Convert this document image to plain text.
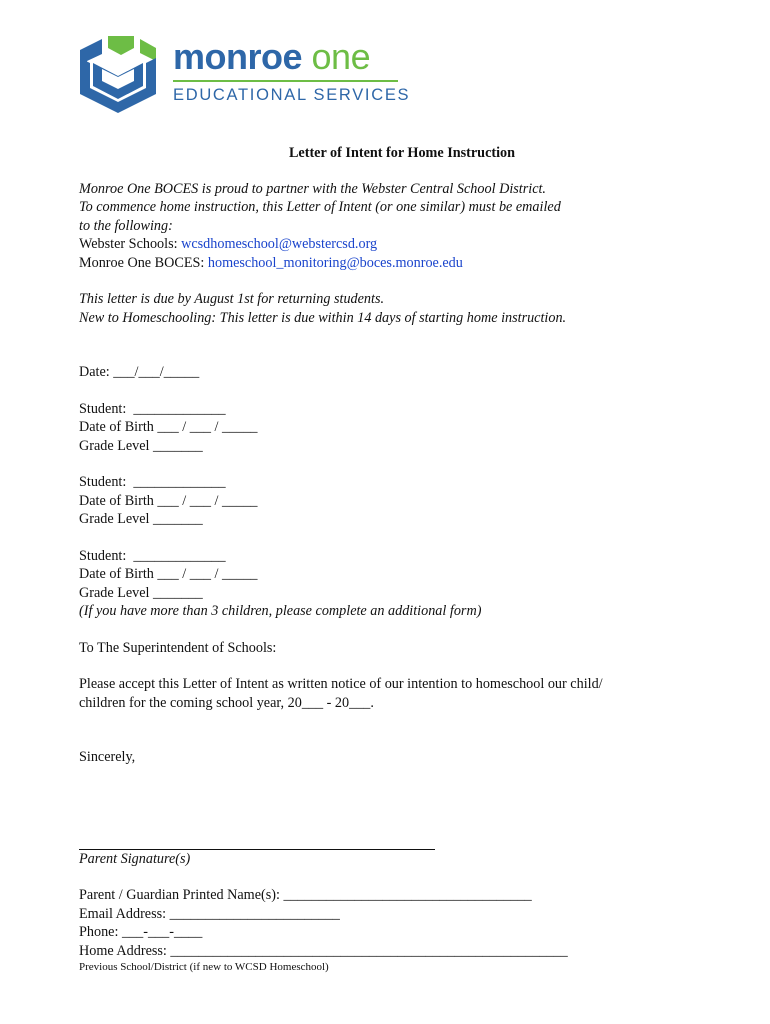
monroe one
EDUCATIONAL SERVICES
Letter of Intent for Home Instruction

Monroe One BOCES is proud to partner with the Webster Central School District.

To commence home instruction, this Letter of Intent (or one similar) must be emailed

to the following:

Webster Schools: wcsdhomeschool@webstercsd.org

Monroe One BOCES: homeschool_monitoring@boces.monroe.edu

This letter is due by August 1st for returning students.

New to Homeschooling: This letter is due within 14 days of starting home instruction.

Date: ___/___/_____

Student:  _____________

Date of Birth ___ / ___ / _____

Grade Level _______

Student:  _____________

Date of Birth ___ / ___ / _____

Grade Level _______

Student:  _____________

Date of Birth ___ / ___ / _____

Grade Level _______

(If you have more than 3 children, please complete an additional form)

To The Superintendent of Schools:

Please accept this Letter of Intent as written notice of our intention to homeschool our child/

children for the coming school year, 20___ - 20___.

Sincerely,

Parent Signature(s)

Parent / Guardian Printed Name(s): ___________________________________

Email Address: ________________________

Phone: ___-___-____

Home Address: ________________________________________________________

Previous School/District (if new to WCSD Homeschool)
